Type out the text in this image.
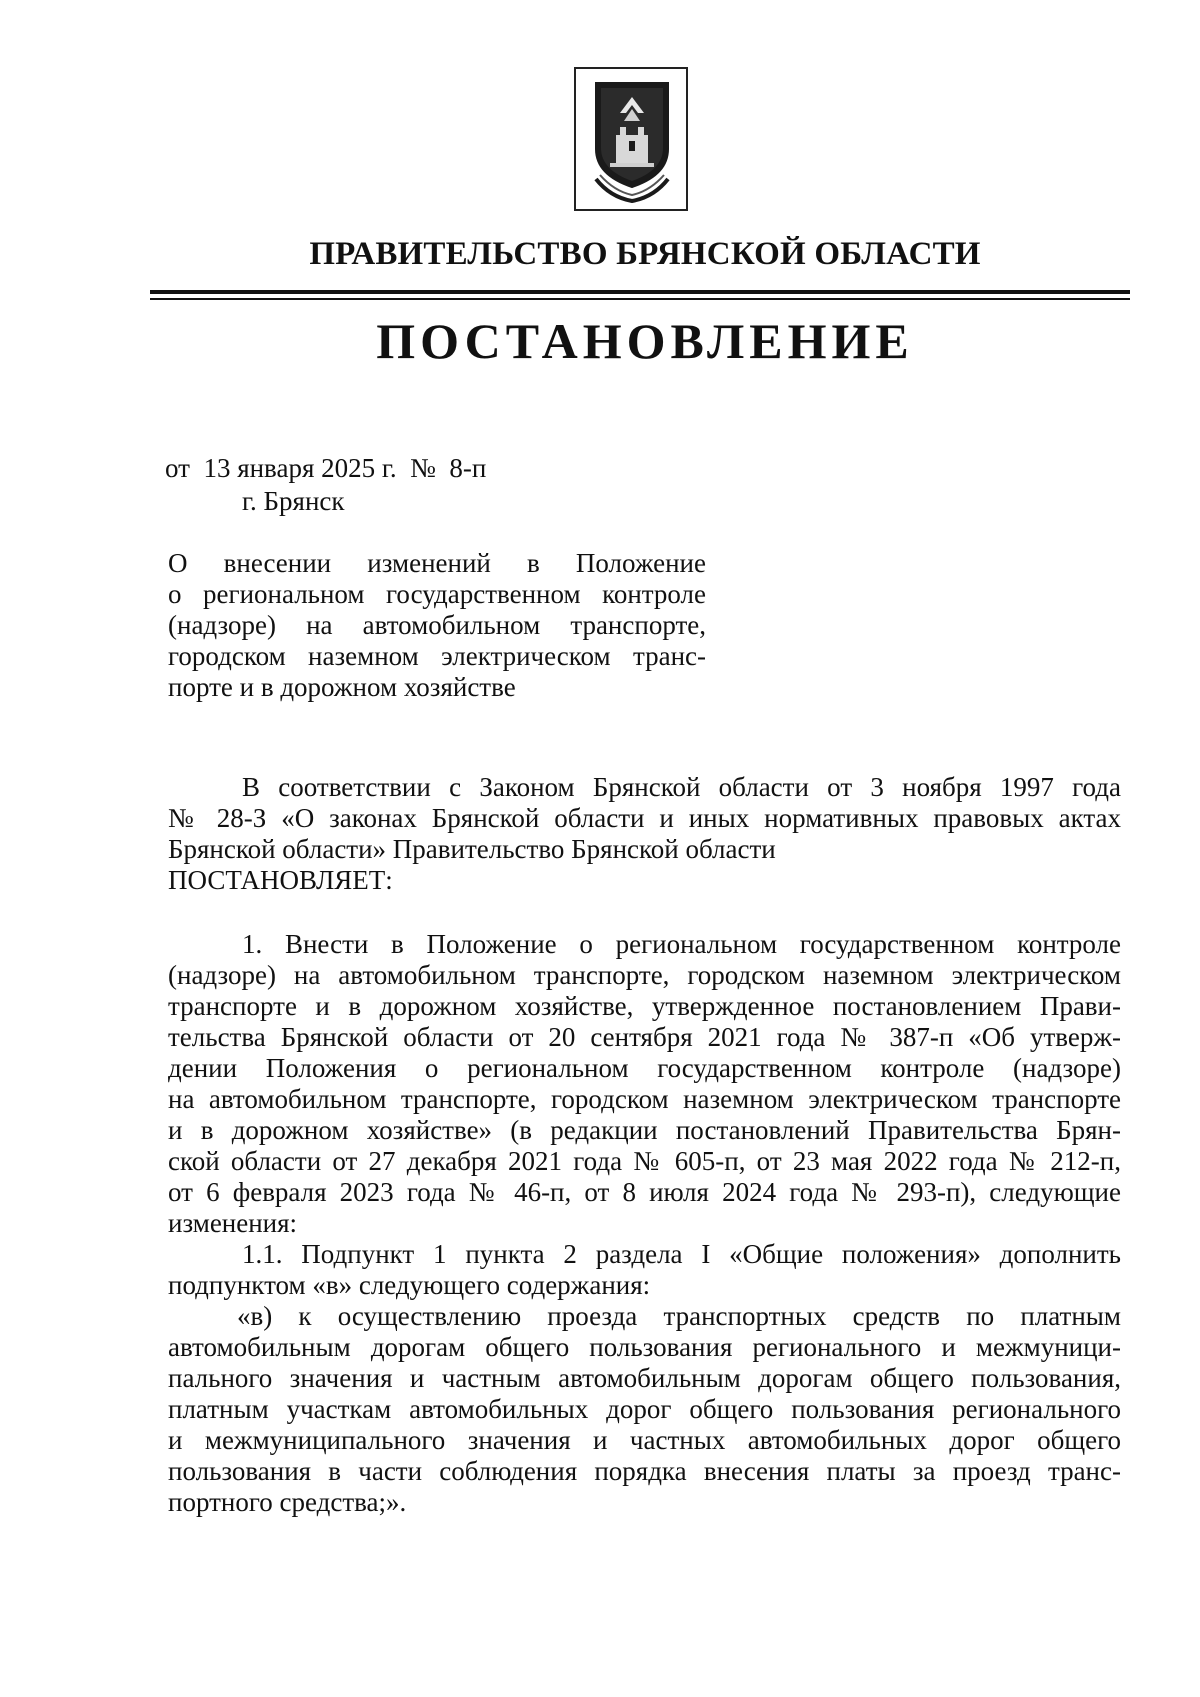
ПРАВИТЕЛЬСТВО БРЯНСКОЙ ОБЛАСТИ
ПОСТАНОВЛЕНИЕ
от  13 января 2025 г.  №  8-п
г. Брянск
О внесении изменений в Положение
о региональном государственном контроле
(надзоре) на автомобильном транспорте,
городском наземном электрическом транс-
порте и в дорожном хозяйстве
В соответствии с Законом Брянской области от 3 ноября 1997 года
№ 28-З «О законах Брянской области и иных нормативных правовых актах
Брянской области» Правительство Брянской области
ПОСТАНОВЛЯЕТ:
1. Внести в Положение о региональном государственном контроле
(надзоре) на автомобильном транспорте, городском наземном электрическом
транспорте и в дорожном хозяйстве, утвержденное постановлением Прави-
тельства Брянской области от 20 сентября 2021 года № 387-п «Об утверж-
дении Положения о региональном государственном контроле (надзоре)
на автомобильном транспорте, городском наземном электрическом транспорте
и в дорожном хозяйстве» (в редакции постановлений Правительства Брян-
ской области от 27 декабря 2021 года № 605-п, от 23 мая 2022 года № 212-п,
от 6 февраля 2023 года № 46-п, от 8 июля 2024 года № 293-п), следующие
изменения:
1.1. Подпункт 1 пункта 2 раздела I «Общие положения» дополнить
подпунктом «в» следующего содержания:
«в) к осуществлению проезда транспортных средств по платным
автомобильным дорогам общего пользования регионального и межмуници-
пального значения и частным автомобильным дорогам общего пользования,
платным участкам автомобильных дорог общего пользования регионального
и межмуниципального значения и частных автомобильных дорог общего
пользования в части соблюдения порядка внесения платы за проезд транс-
портного средства;».
